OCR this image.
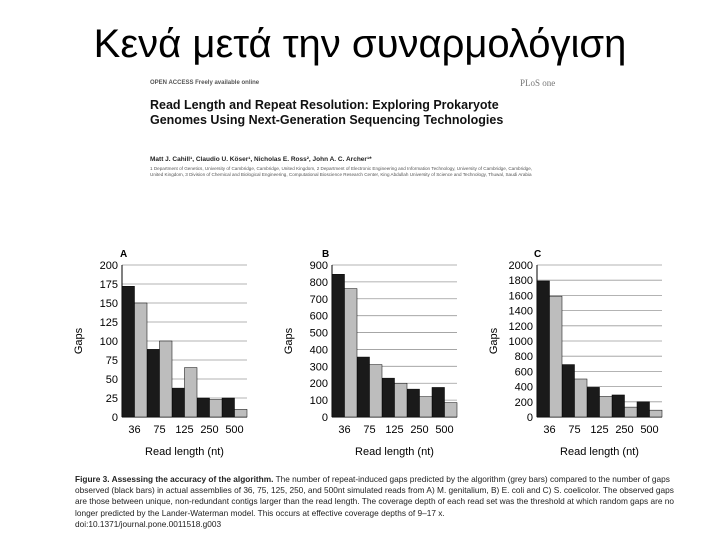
Κενά μετά την συναρμολόγιση
OPEN ACCESS Freely available online	PLoS one
Read Length and Repeat Resolution: Exploring Prokaryote Genomes Using Next-Generation Sequencing Technologies
Matt J. Cahill¹, Claudio U. Köser¹, Nicholas E. Ross², John A. C. Archer¹*
1 Department of Genetics, University of Cambridge, Cambridge, United Kingdom, 2 Department of Electronic Engineering and Information Technology, University of Cambridge, Cambridge, United Kingdom, 3 Division of Chemical and Biological Engineering, Computational Bioscience Research Center, King Abdullah University of Science and Technology, Thuwal, Saudi Arabia
A
0
25
50
75
100
125
150
175
200
36 75 125 250 500
Read length (nt)
Gaps
B
0
100
200
300
400
500
600
700
800
900
36 75 125 250 500
Read length (nt)
Gaps
C
0
200
400
600
800
1000
1200
1400
1600
1800
2000
36 75 125 250 500
Read length (nt)
Gaps
Figure 3. Assessing the accuracy of the algorithm. The number of repeat-induced gaps predicted by the algorithm (grey bars) compared to the number of gaps observed (black bars) in actual assemblies of 36, 75, 125, 250, and 500nt simulated reads from A) M. genitalium, B) E. coli and C) S. coelicolor. The observed gaps are those between unique, non-redundant contigs larger than the read length. The coverage depth of each read set was the threshold at which random gaps are no longer predicted by the Lander-Waterman model. This occurs at effective coverage depths of 9–17 x.
doi:10.1371/journal.pone.0011518.g003
